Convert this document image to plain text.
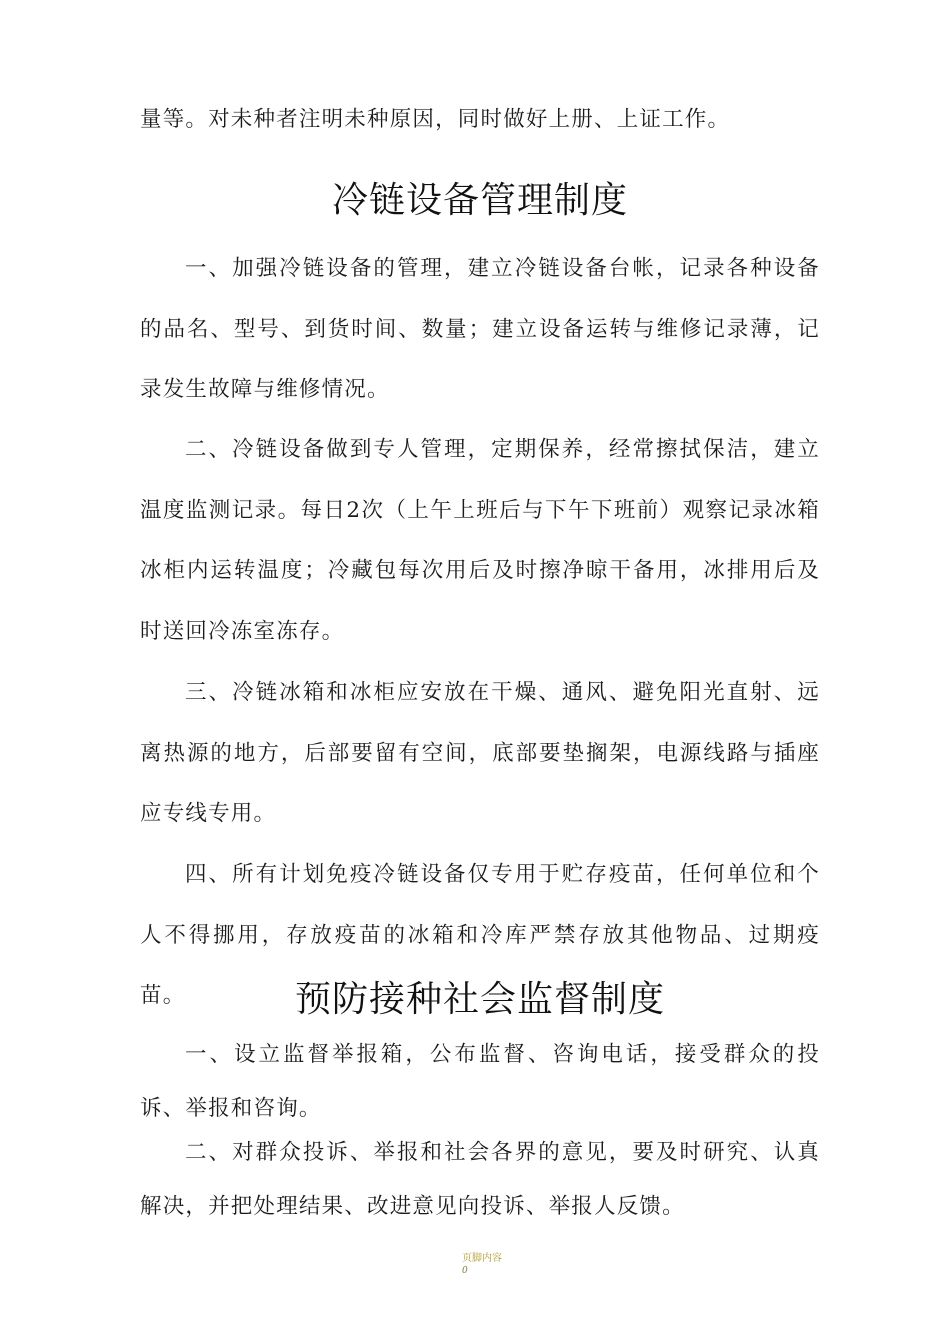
量等。对未种者注明未种原因，同时做好上册、上证工作。

冷链设备管理制度

一、加强冷链设备的管理，建立冷链设备台帐，记录各种设备的品名、型号、到货时间、数量；建立设备运转与维修记录薄，记录发生故障与维修情况。

二、冷链设备做到专人管理，定期保养，经常擦拭保洁，建立温度监测记录。每日2次（上午上班后与下午下班前）观察记录冰箱冰柜内运转温度；冷藏包每次用后及时擦净晾干备用，冰排用后及时送回冷冻室冻存。

三、冷链冰箱和冰柜应安放在干燥、通风、避免阳光直射、远离热源的地方，后部要留有空间，底部要垫搁架，电源线路与插座应专线专用。

四、所有计划免疫冷链设备仅专用于贮存疫苗，任何单位和个人不得挪用，存放疫苗的冰箱和冷库严禁存放其他物品、过期疫苗。	预防接种社会监督制度

一、设立监督举报箱，公布监督、咨询电话，接受群众的投诉、举报和咨询。

二、对群众投诉、举报和社会各界的意见，要及时研究、认真解决，并把处理结果、改进意见向投诉、举报人反馈。

页脚内容
0
